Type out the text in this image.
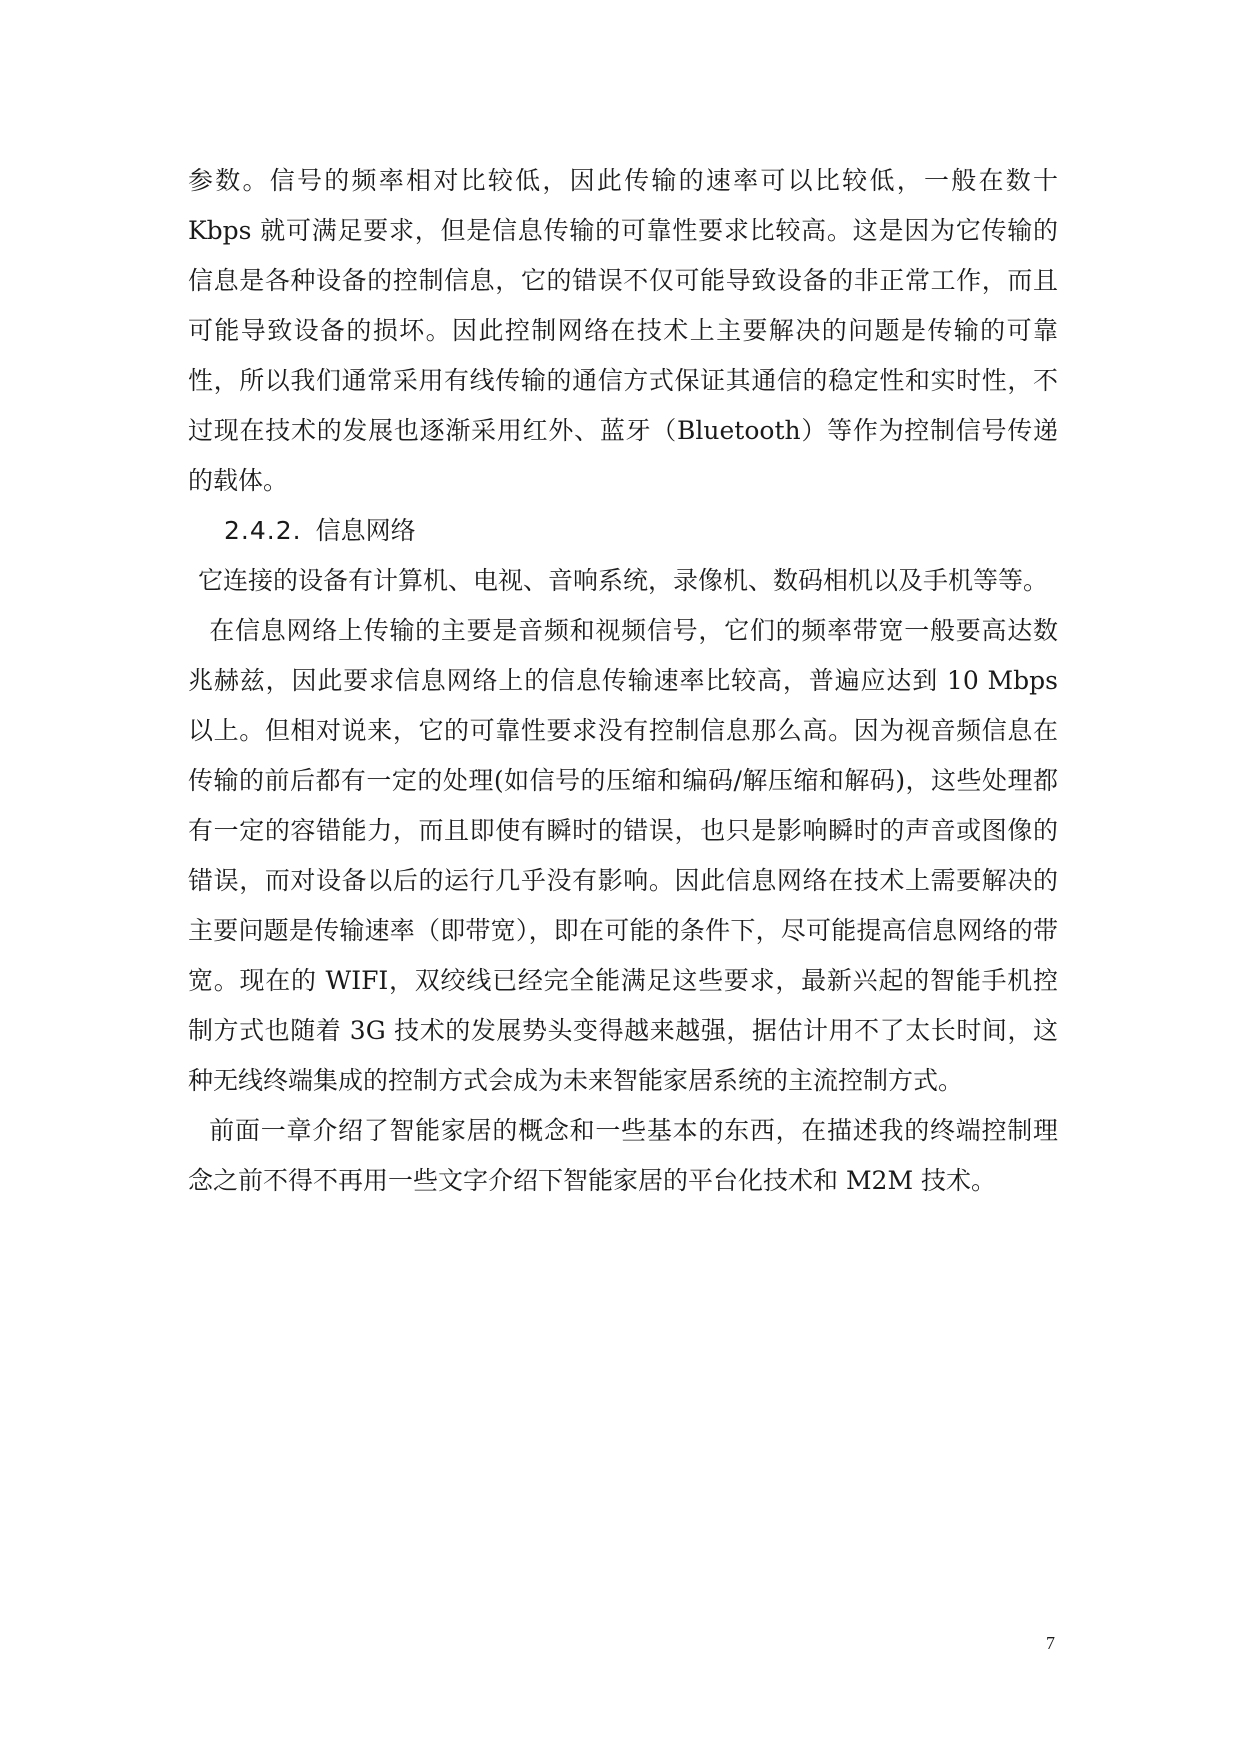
参数。信号的频率相对比较低，因此传输的速率可以比较低，一般在数十 Kbps 就可满足要求，但是信息传输的可靠性要求比较高。这是因为它传输的信息是各种设备的控制信息，它的错误不仅可能导致设备的非正常工作，而且可能导致设备的损坏。因此控制网络在技术上主要解决的问题是传输的可靠性，所以我们通常采用有线传输的通信方式保证其通信的稳定性和实时性，不过现在技术的发展也逐渐采用红外、蓝牙（Bluetooth）等作为控制信号传递的载体。

2.4.2. 信息网络

它连接的设备有计算机、电视、音响系统，录像机、数码相机以及手机等等。

在信息网络上传输的主要是音频和视频信号，它们的频率带宽一般要高达数兆赫兹，因此要求信息网络上的信息传输速率比较高，普遍应达到 10 Mbps 以上。但相对说来，它的可靠性要求没有控制信息那么高。因为视音频信息在传输的前后都有一定的处理(如信号的压缩和编码/解压缩和解码)，这些处理都有一定的容错能力，而且即使有瞬时的错误，也只是影响瞬时的声音或图像的错误，而对设备以后的运行几乎没有影响。因此信息网络在技术上需要解决的主要问题是传输速率（即带宽），即在可能的条件下，尽可能提高信息网络的带宽。现在的 WIFI，双绞线已经完全能满足这些要求，最新兴起的智能手机控制方式也随着 3G 技术的发展势头变得越来越强，据估计用不了太长时间，这种无线终端集成的控制方式会成为未来智能家居系统的主流控制方式。

前面一章介绍了智能家居的概念和一些基本的东西，在描述我的终端控制理念之前不得不再用一些文字介绍下智能家居的平台化技术和 M2M 技术。

7
